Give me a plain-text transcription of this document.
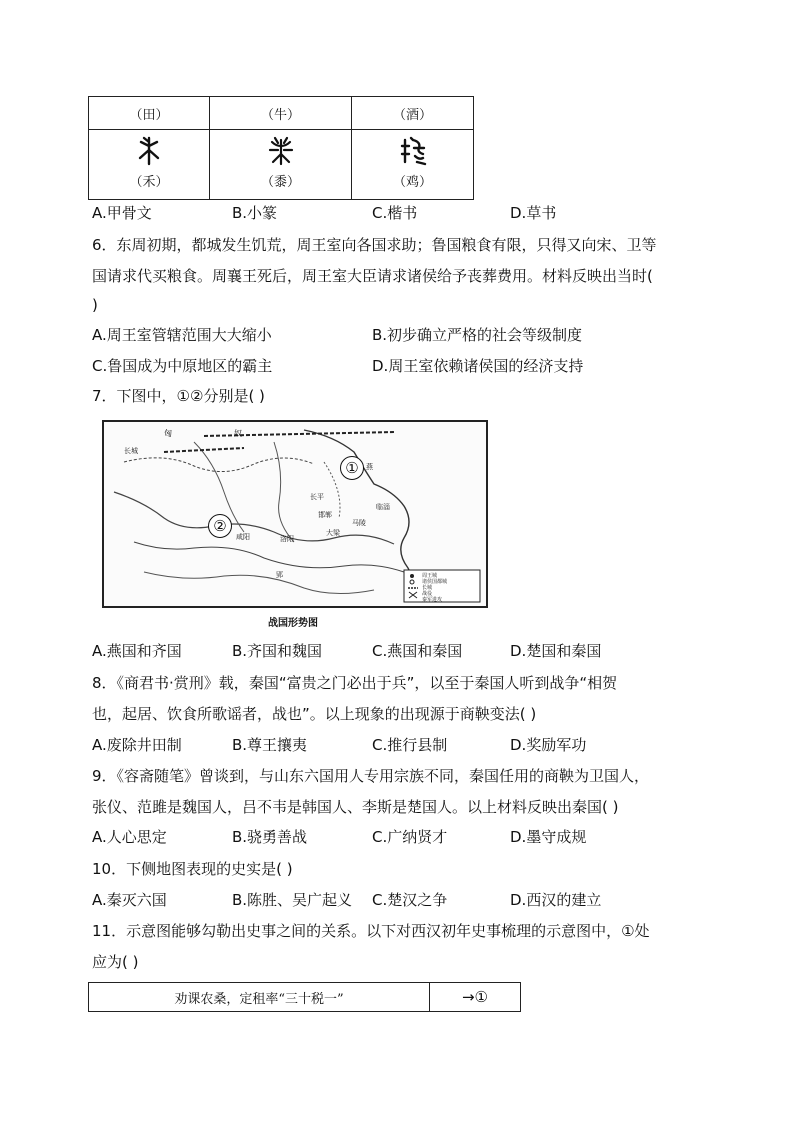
（田）	（牛）	（酒）
（禾）	（黍）	（鸡）
A.甲骨文	B.小篆	C.楷书	D.草书
6．东周初期，都城发生饥荒，周王室向各国求助；鲁国粮食有限，只得又向宋、卫等
国请求代买粮食。周襄王死后，周王室大臣请求诸侯给予丧葬费用。材料反映出当时(
)
A.周王室管辖范围大大缩小	B.初步确立严格的社会等级制度
C.鲁国成为中原地区的霸主	D.周王室依赖诸侯国的经济支持
7．下图中，①②分别是( )
①
②
匈	奴
长平
咸阳	洛阳
郢
大梁
临淄
邯郸
燕
马陵
长城
周王城
诸侯国都城
长城
战役
秦军进攻
战国形势图
A.燕国和齐国	B.齐国和魏国	C.燕国和秦国	D.楚国和秦国
8．《商君书·赏刑》载，秦国“富贵之门必出于兵”，以至于秦国人听到战争“相贺
也，起居、饮食所歌谣者，战也”。以上现象的出现源于商鞅变法( )
A.废除井田制	B.尊王攘夷	C.推行县制	D.奖励军功
9．《容斋随笔》曾谈到，与山东六国用人专用宗族不同，秦国任用的商鞅为卫国人，
张仪、范雎是魏国人，吕不韦是韩国人、李斯是楚国人。以上材料反映出秦国( )
A.人心思定	B.骁勇善战	C.广纳贤才	D.墨守成规
10．下侧地图表现的史实是( )
A.秦灭六国	B.陈胜、吴广起义 C.楚汉之争	D.西汉的建立
11．示意图能够勾勒出史事之间的关系。以下对西汉初年史事梳理的示意图中，①处
应为( )
劝课农桑，定租率“三十税一”	→①
